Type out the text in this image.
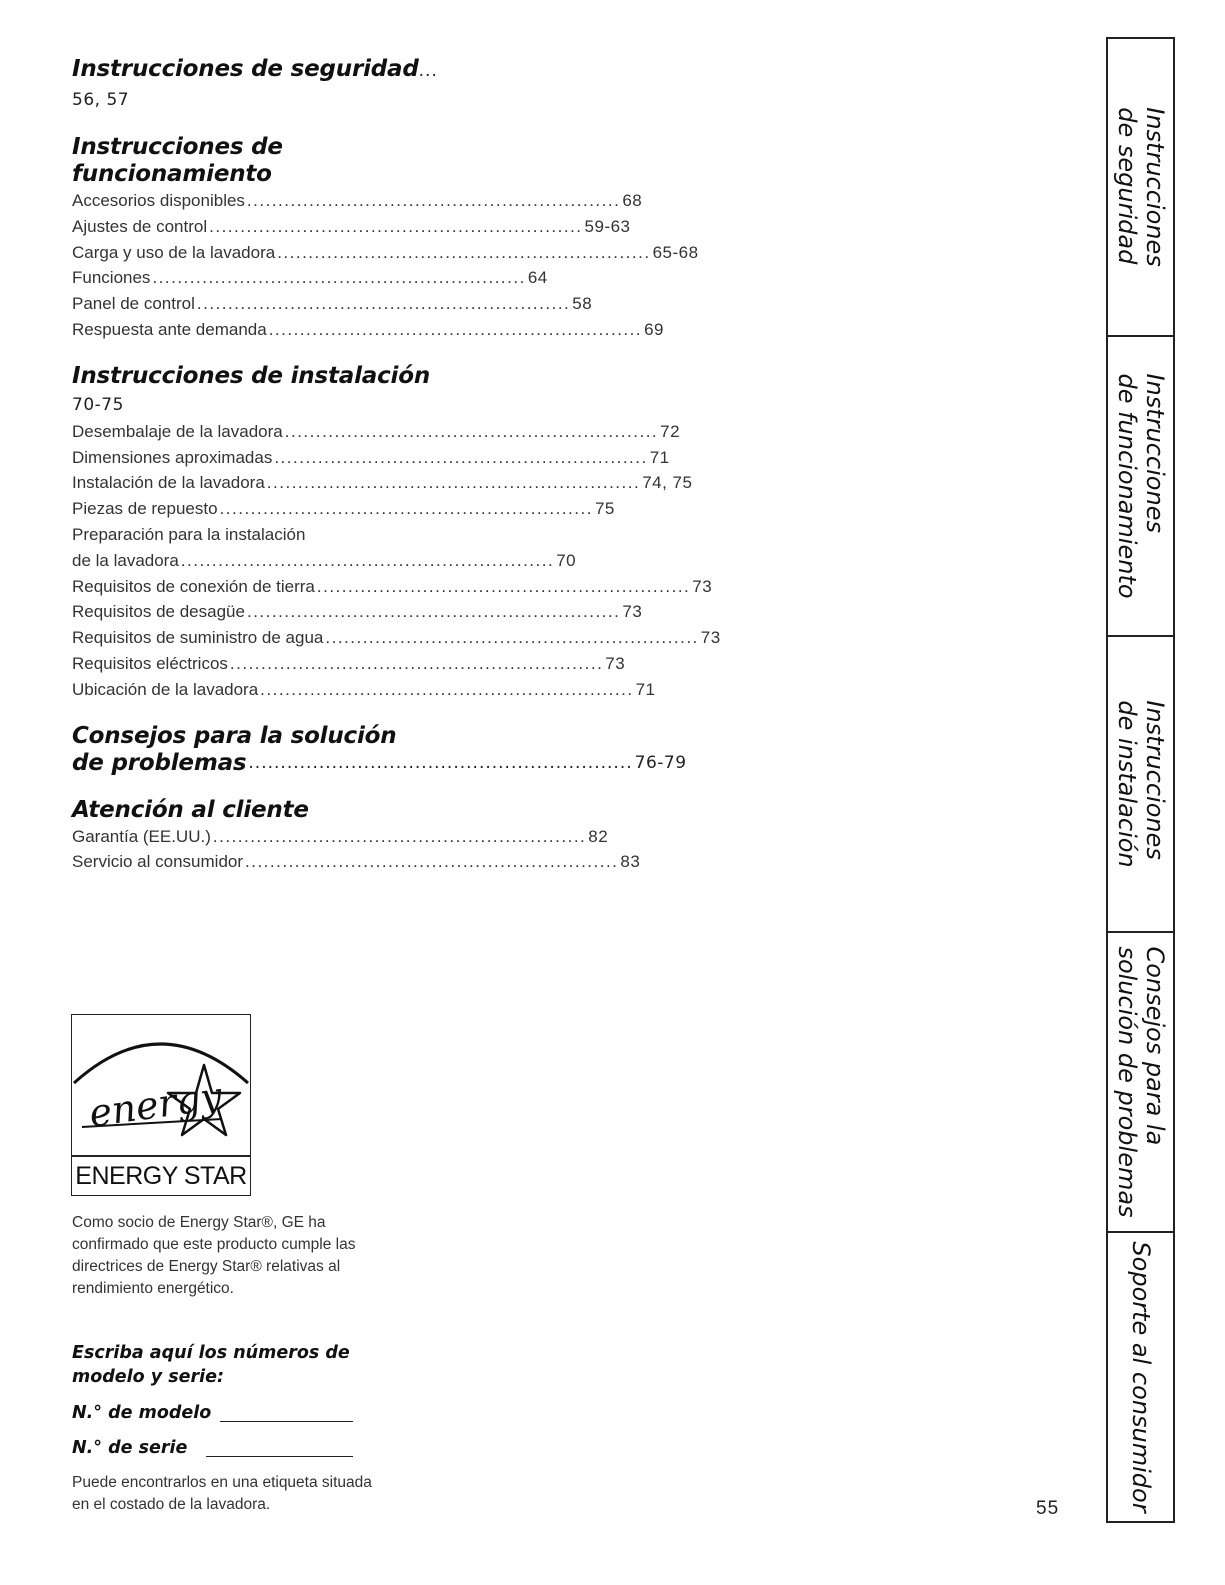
Instrucciones de seguridad... 56, 57
Instrucciones de funcionamiento
Accesorios disponibles ............................................................ 68
Ajustes de control ............................................................ 59-63
Carga y uso de la lavadora ............................................................ 65-68
Funciones ............................................................ 64
Panel de control ............................................................ 58
Respuesta ante demanda ............................................................ 69
Instrucciones de instalación 70-75
Desembalaje de la lavadora ............................................................ 72
Dimensiones aproximadas ............................................................ 71
Instalación de la lavadora ............................................................ 74, 75
Piezas de repuesto ............................................................ 75
Preparación para la instalación
de la lavadora ............................................................ 70
Requisitos de conexión de tierra ............................................................ 73
Requisitos de desagüe ............................................................ 73
Requisitos de suministro de agua ............................................................ 73
Requisitos eléctricos ............................................................ 73
Ubicación de la lavadora ............................................................ 71
Consejos para la solución
de problemas ............................................................ 76-79
Atención al cliente
Garantía (EE.UU.) ............................................................ 82
Servicio al consumidor ............................................................ 83
energy
ENERGY STAR
Como socio de Energy Star®, GE ha confirmado que este producto cumple las directrices de Energy Star® relativas al rendimiento energético.
Escriba aquí los números de modelo y serie:
N.° de modelo
N.° de serie
Puede encontrarlos en una etiqueta situada en el costado de la lavadora.	55
Instrucciones
de seguridad
Instrucciones
de funcionamiento
Instrucciones
de instalación
Consejos para la
solución de problemas
Soporte al consumidor
